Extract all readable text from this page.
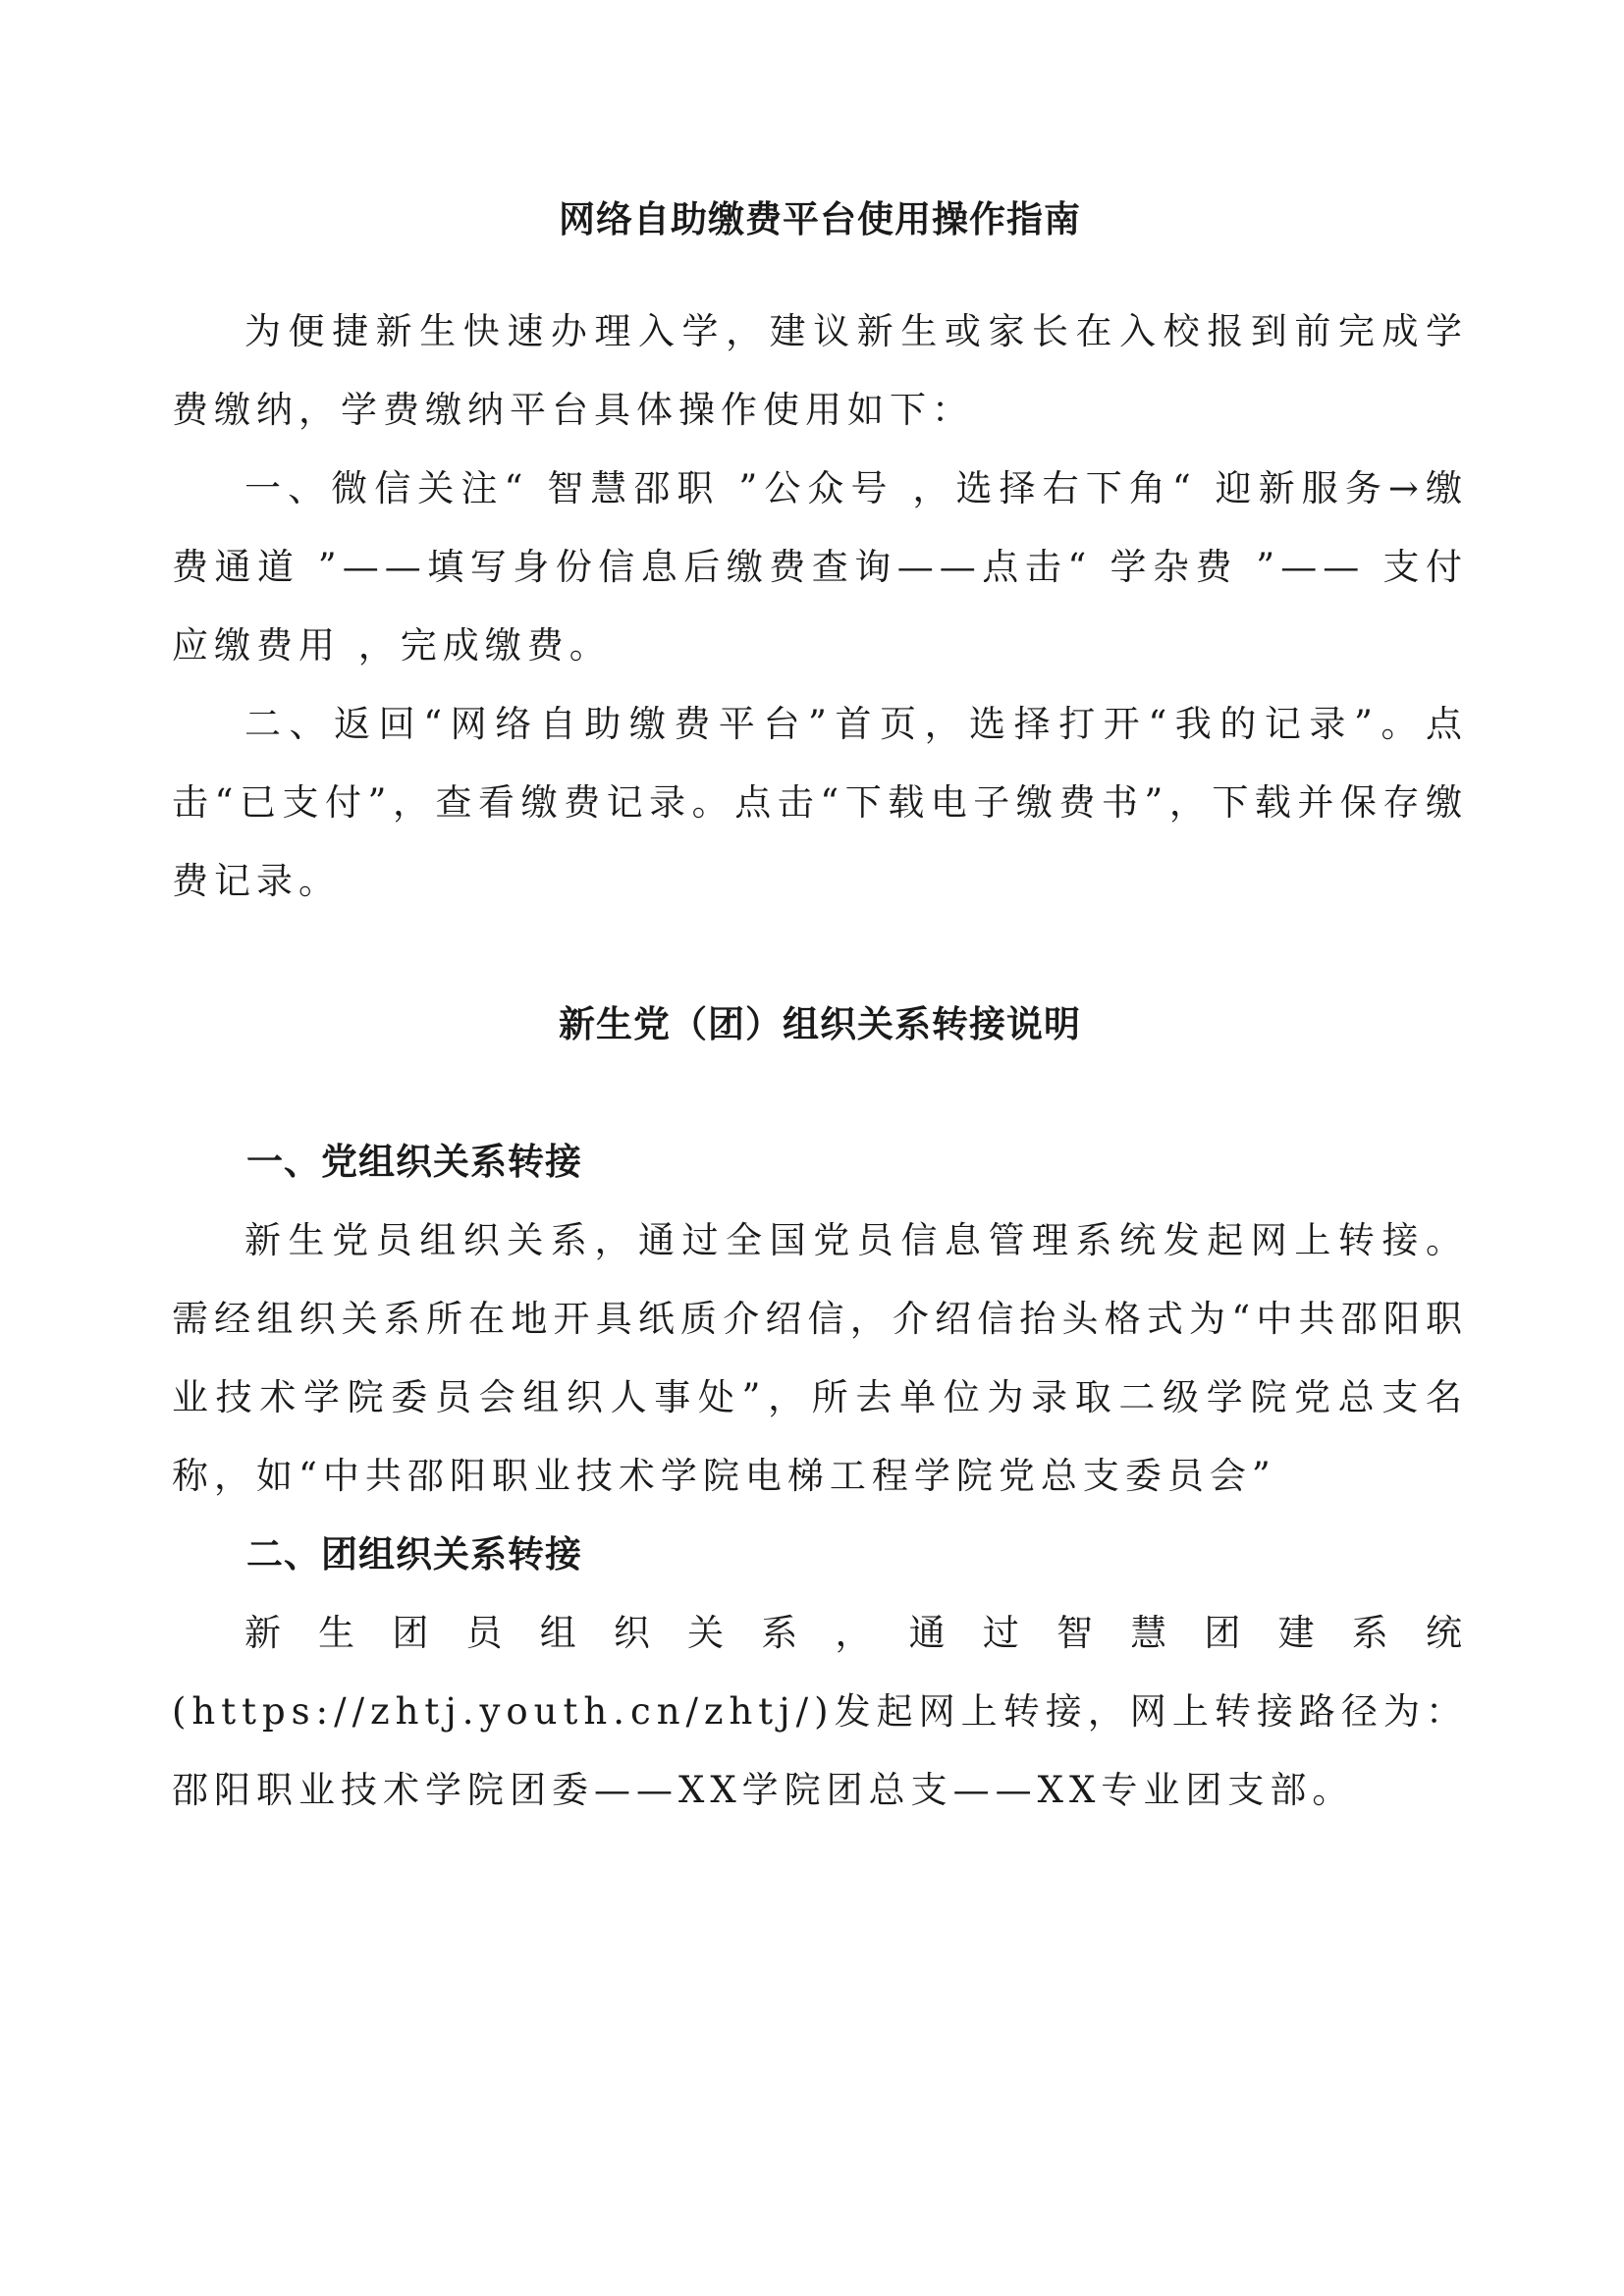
网络自助缴费平台使用操作指南

为便捷新生快速办理入学，建议新生或家长在入校报到前完成学费缴纳，学费缴纳平台具体操作使用如下：

一、微信关注“ 智慧邵职 ”公众号 ，选择右下角“ 迎新服务→缴费通道 ”——填写身份信息后缴费查询——点击“ 学杂费 ”—— 支付应缴费用 ，完成缴费。

二、返回“网络自助缴费平台”首页，选择打开“我的记录”。点击“已支付”，查看缴费记录。点击“下载电子缴费书”，下载并保存缴费记录。

新生党（团）组织关系转接说明
一、党组织关系转接

新生党员组织关系，通过全国党员信息管理系统发起网上转接。需经组织关系所在地开具纸质介绍信，介绍信抬头格式为“中共邵阳职业技术学院委员会组织人事处”，所去单位为录取二级学院党总支名称，如“中共邵阳职业技术学院电梯工程学院党总支委员会”

二、团组织关系转接

新生团员组织关系，通过智慧团建系统(https://zhtj.youth.cn/zhtj/)发起网上转接，网上转接路径为：邵阳职业技术学院团委——XX学院团总支——XX专业团支部。
